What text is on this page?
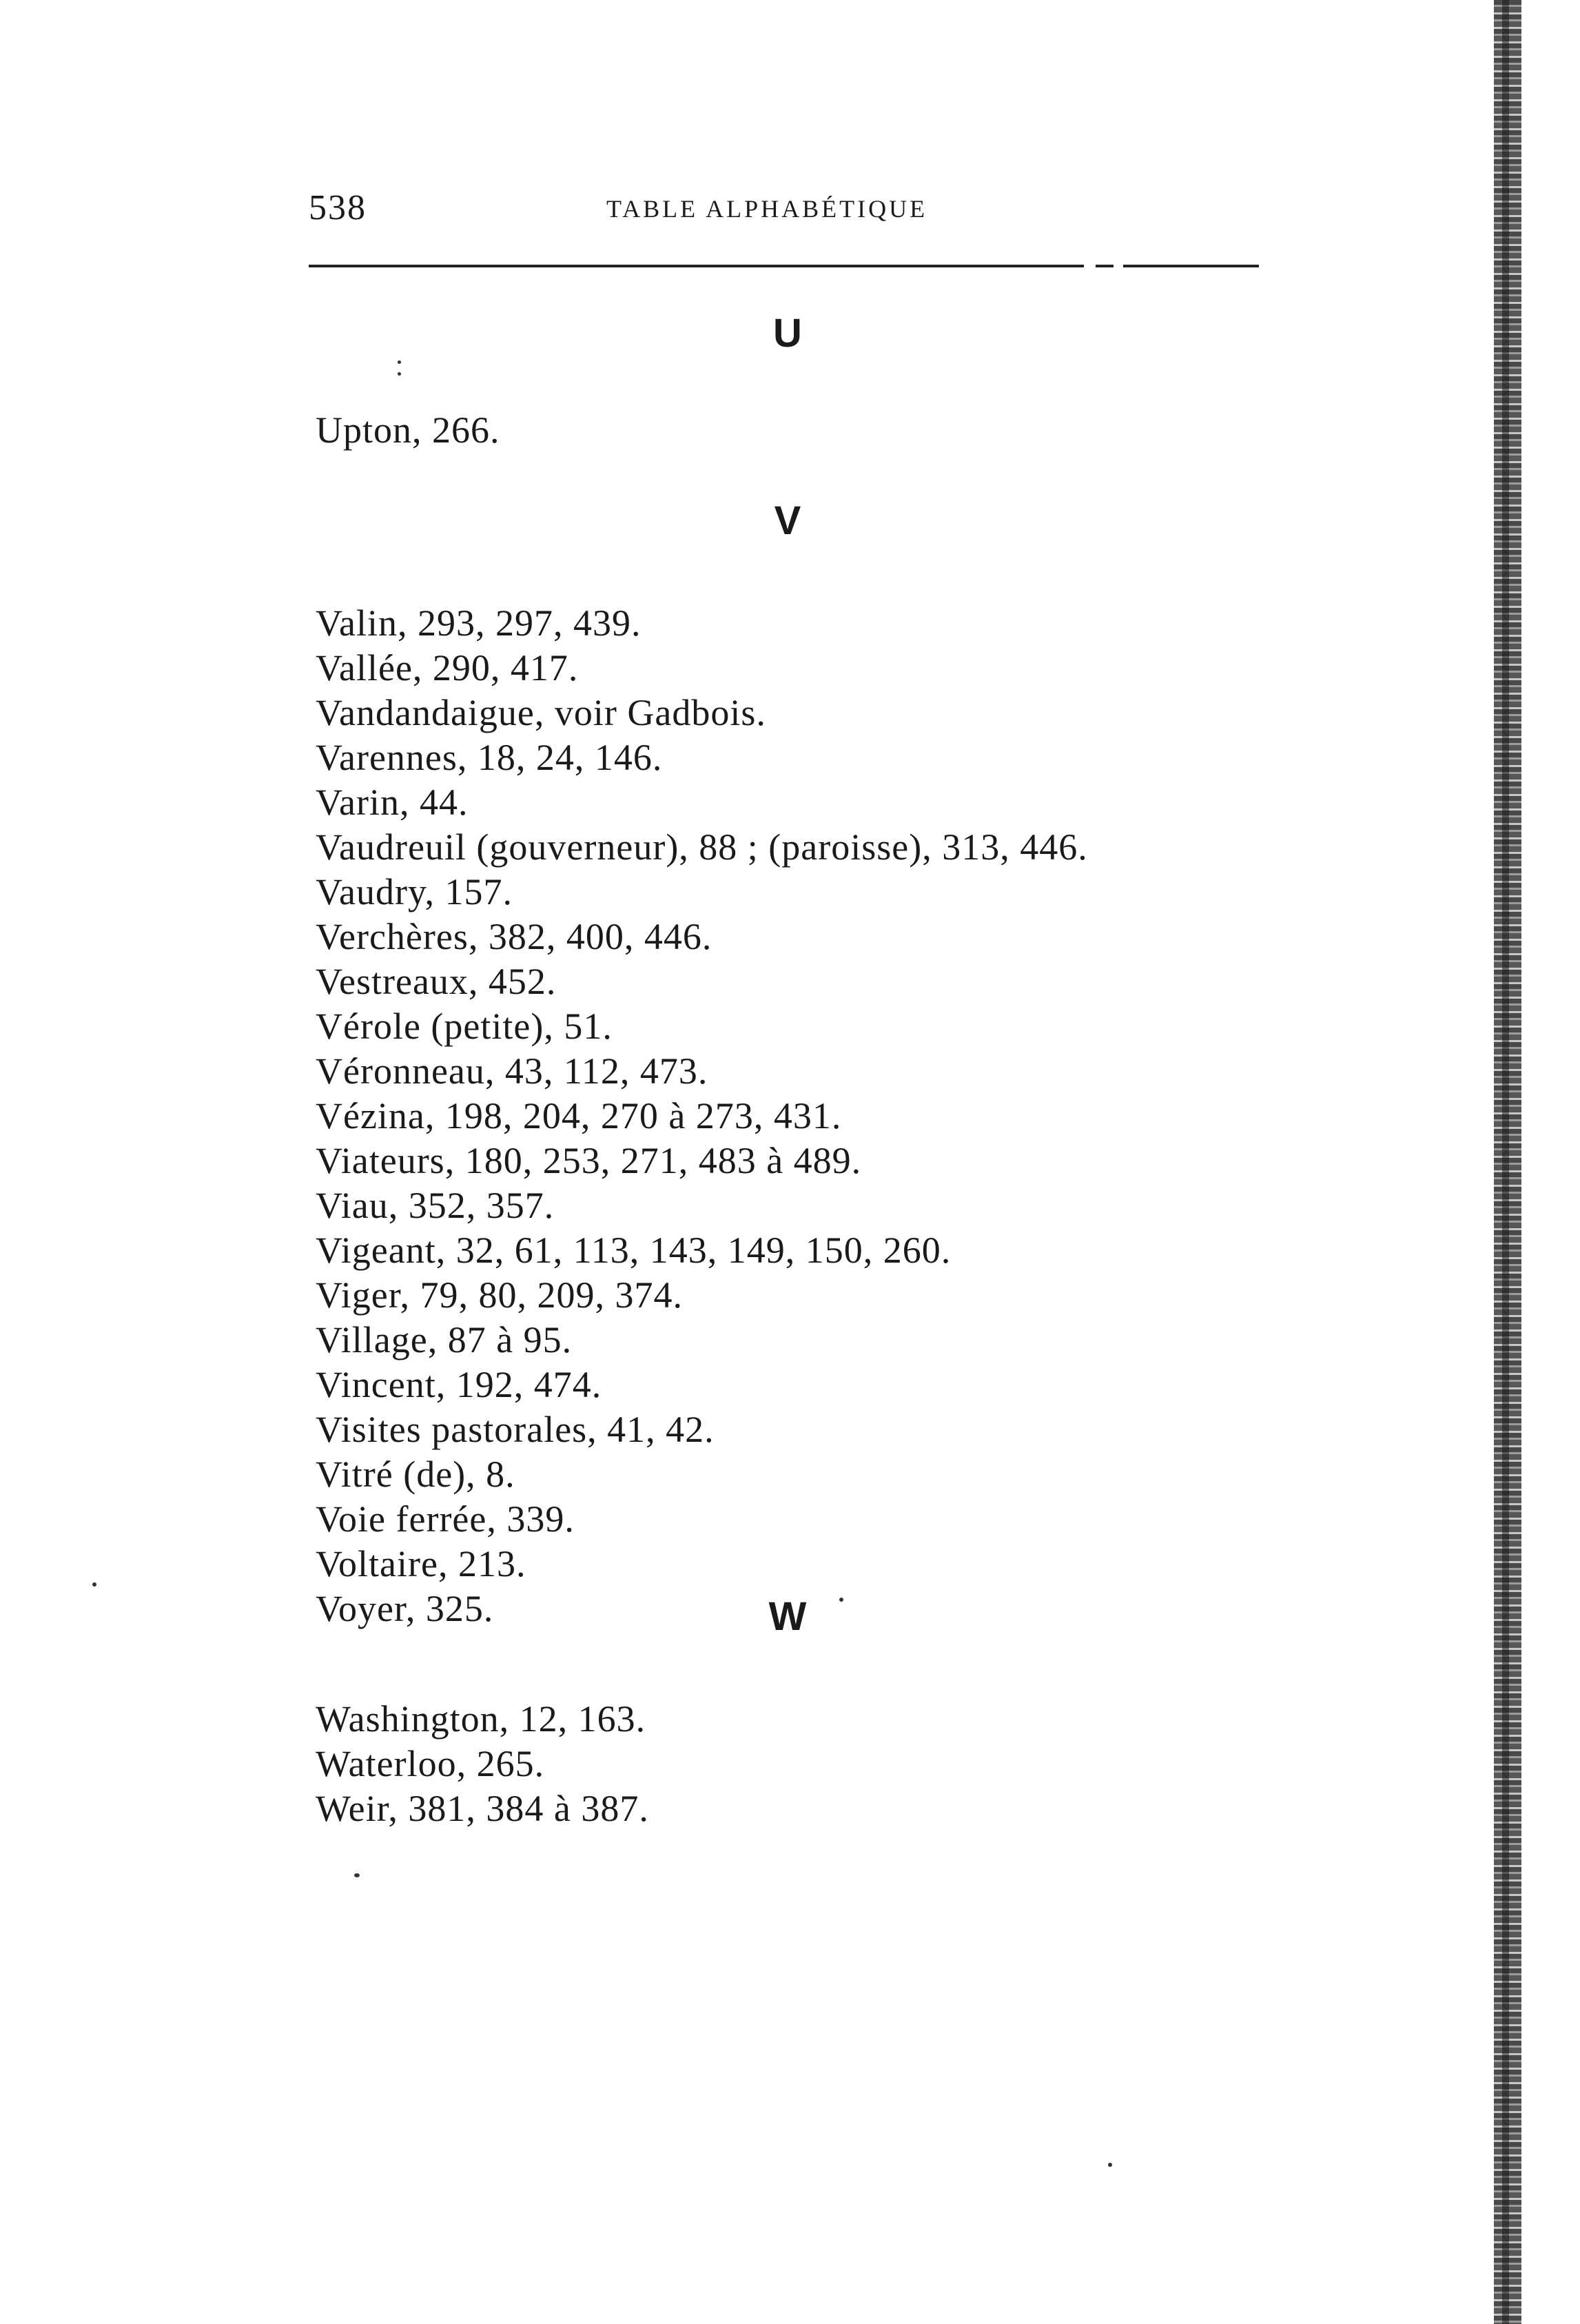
538	TABLE ALPHABÉTIQUE
U
Upton, 266.
V
Valin, 293, 297, 439.
Vallée, 290, 417.
Vandandaigue, voir Gadbois.
Varennes, 18, 24, 146.
Varin, 44.
Vaudreuil (gouverneur), 88 ; (paroisse), 313, 446.
Vaudry, 157.
Verchères, 382, 400, 446.
Vestreaux, 452.
Vérole (petite), 51.
Véronneau, 43, 112, 473.
Vézina, 198, 204, 270 à 273, 431.
Viateurs, 180, 253, 271, 483 à 489.
Viau, 352, 357.
Vigeant, 32, 61, 113, 143, 149, 150, 260.
Viger, 79, 80, 209, 374.
Village, 87 à 95.
Vincent, 192, 474.
Visites pastorales, 41, 42.
Vitré (de), 8.
Voie ferrée, 339.
Voltaire, 213.
Voyer, 325.	W
Washington, 12, 163.
Waterloo, 265.
Weir, 381, 384 à 387.
